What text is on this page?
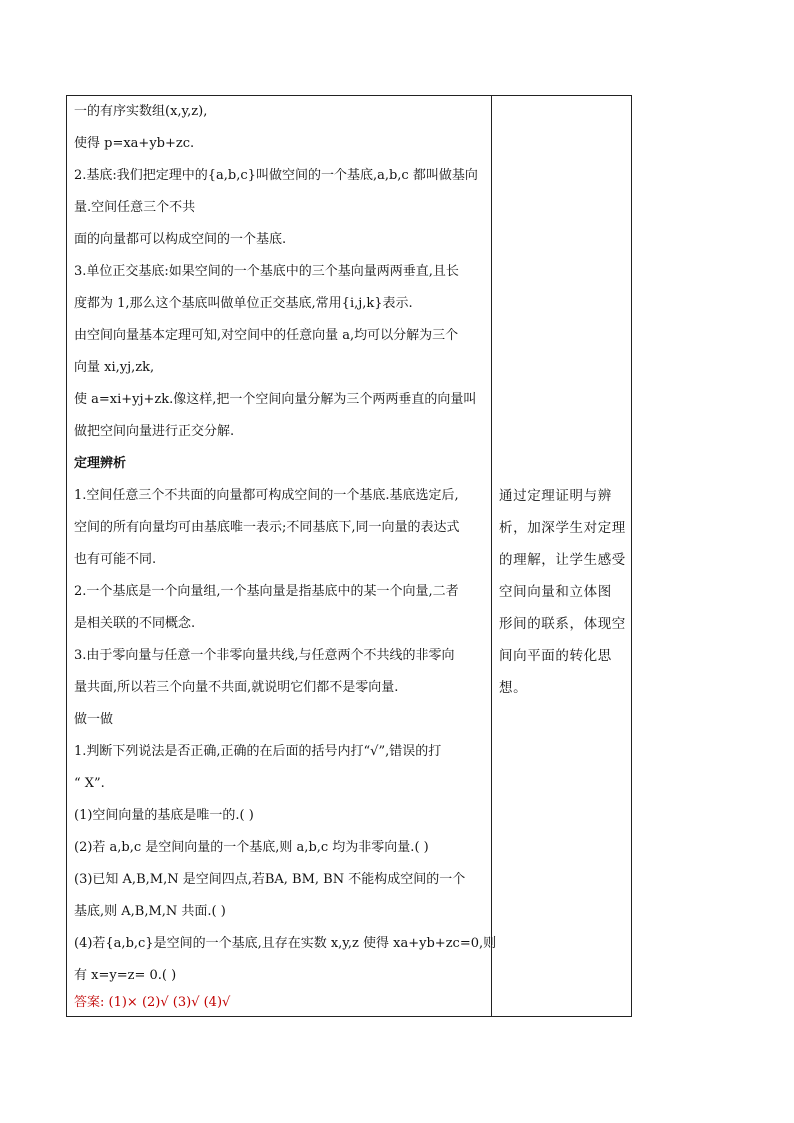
一的有序实数组(x,y,z),
使得 p=xa+yb+zc.
2.基底:我们把定理中的{a,b,c}叫做空间的一个基底,a,b,c 都叫做基向
量.空间任意三个不共
面的向量都可以构成空间的一个基底.
3.单位正交基底:如果空间的一个基底中的三个基向量两两垂直,且长
度都为 1,那么这个基底叫做单位正交基底,常用{i,j,k}表示.
由空间向量基本定理可知,对空间中的任意向量 a,均可以分解为三个
向量 xi,yj,zk,
使 a=xi+yj+zk.像这样,把一个空间向量分解为三个两两垂直的向量叫
做把空间向量进行正交分解.
定理辨析
1.空间任意三个不共面的向量都可构成空间的一个基底.基底选定后,
空间的所有向量均可由基底唯一表示;不同基底下,同一向量的表达式
也有可能不同.
2.一个基底是一个向量组,一个基向量是指基底中的某一个向量,二者
是相关联的不同概念.
3.由于零向量与任意一个非零向量共线,与任意两个不共线的非零向
量共面,所以若三个向量不共面,就说明它们都不是零向量.
做一做
1.判断下列说法是否正确,正确的在后面的括号内打“√”,错误的打
“ X”.
(1)空间向量的基底是唯一的.( )
(2)若 a,b,c 是空间向量的一个基底,则 a,b,c 均为非零向量.( )
(3)已知 A,B,M,N 是空间四点,若BA, BM, BN 不能构成空间的一个
基底,则 A,B,M,N 共面.( )
(4)若{a,b,c}是空间的一个基底,且存在实数 x,y,z 使得 xa+yb+zc=0,则
有 x=y=z= 0.( )
答案: (1)× (2)√ (3)√ (4)√
通过定理证明与辨
析，加深学生对定理
的理解，让学生感受
空间向量和立体图
形间的联系，体现空
间向平面的转化思
想。
